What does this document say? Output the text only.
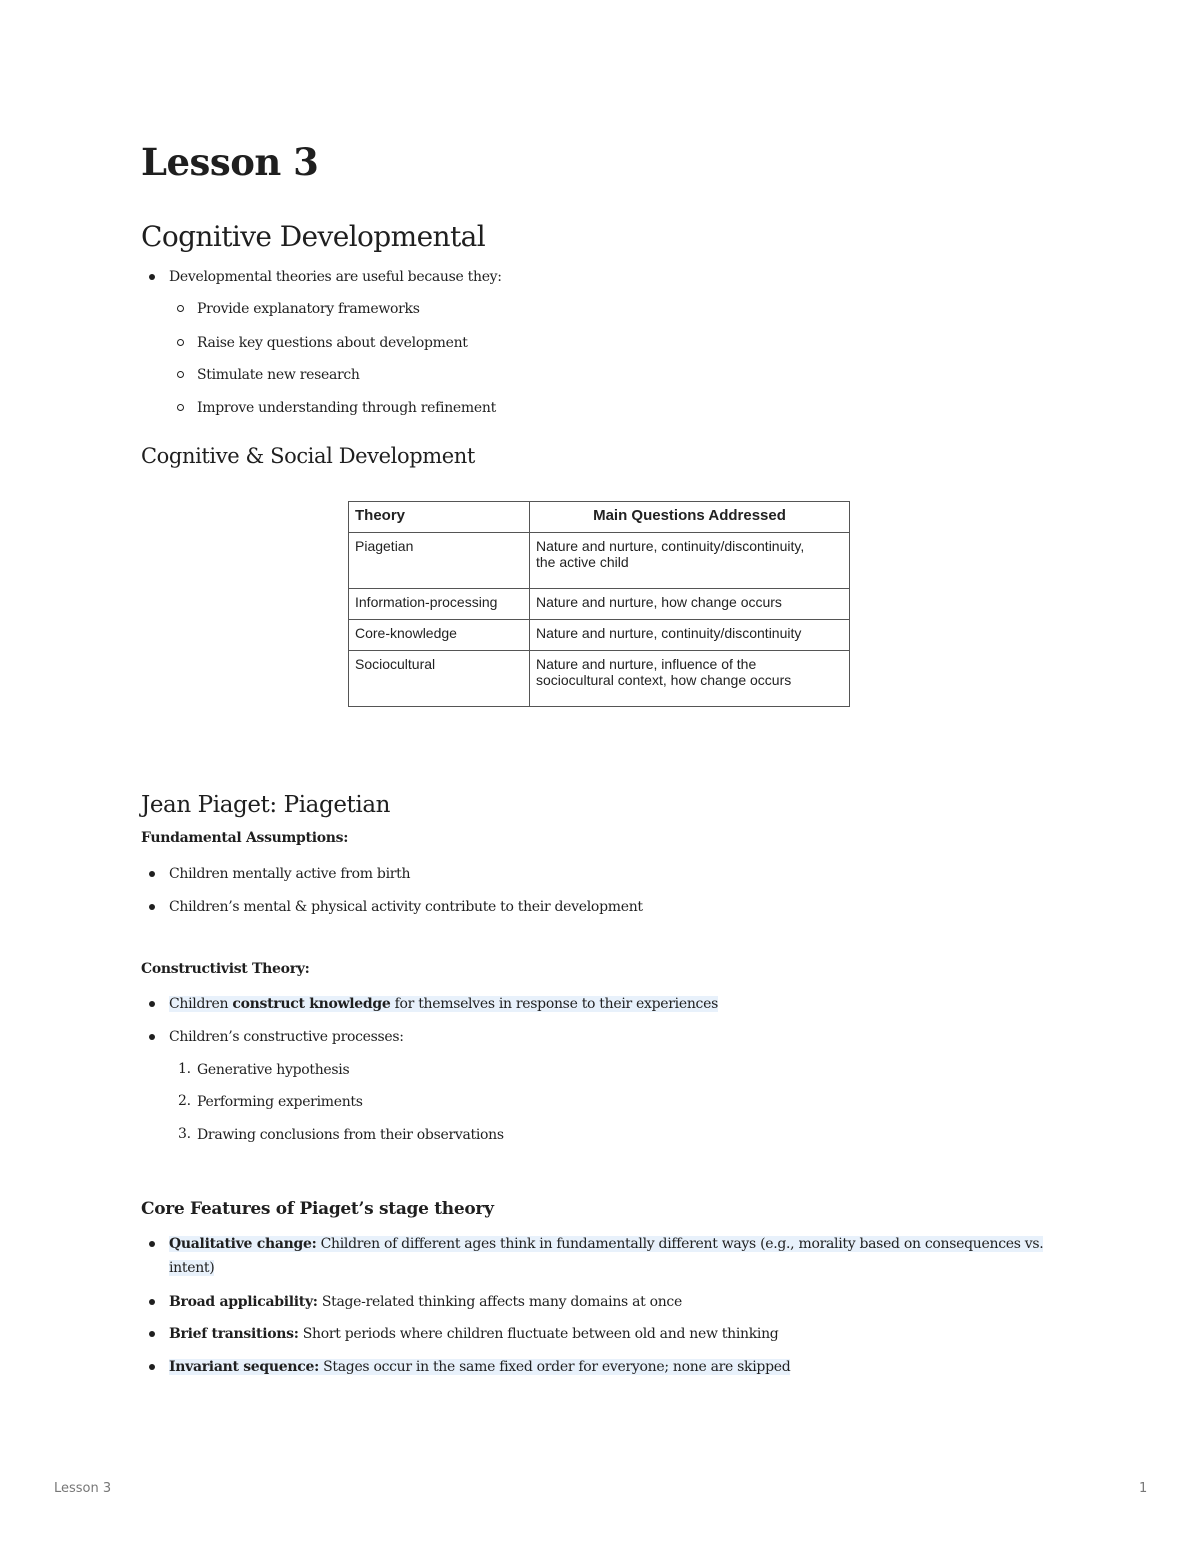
Lesson 3
Cognitive Developmental

Developmental theories are useful because they:

Provide explanatory frameworks

Raise key questions about development

Stimulate new research

Improve understanding through refinement

Cognitive & Social Development
Theory	Main Questions Addressed
Piagetian	Nature and nurture, continuity/discontinuity,
the active child

Information-processing	Nature and nurture, how change occurs
Core-knowledge	Nature and nurture, continuity/discontinuity
Sociocultural	Nature and nurture, influence of the
sociocultural context, how change occurs
Jean Piaget: Piagetian

Fundamental Assumptions:

Children mentally active from birth

Children’s mental & physical activity contribute to their development

Constructivist Theory:

Children construct knowledge for themselves in response to their experiences

Children’s constructive processes:

1. Generative hypothesis

2. Performing experiments

3. Drawing conclusions from their observations

Core Features of Piaget’s stage theory

Qualitative change: Children of different ages think in fundamentally different ways (e.g., morality based on consequences vs.

intent)

Broad applicability: Stage-related thinking affects many domains at once

Brief transitions: Short periods where children fluctuate between old and new thinking

Invariant sequence: Stages occur in the same fixed order for everyone; none are skipped

Lesson 3	1
